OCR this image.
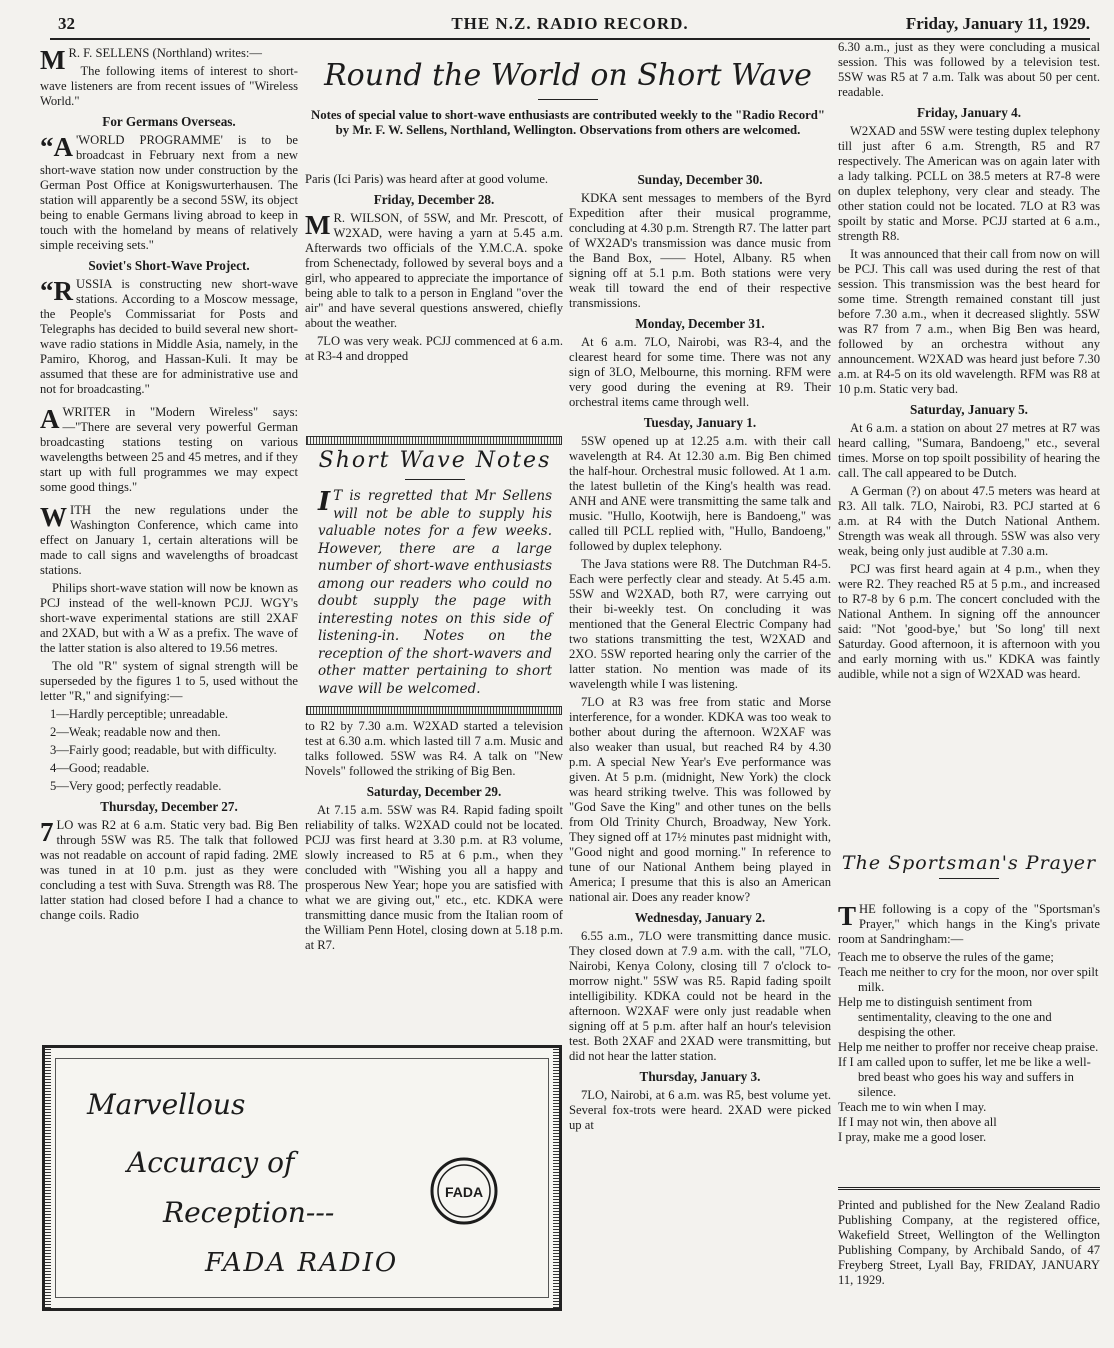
32	THE N.Z. RADIO RECORD.	Friday, January 11, 1929.

M R. F. SELLENS (Northland) writes:—

The following items of interest to short-wave listeners are from recent issues of "Wireless World."

For Germans Overseas.

“A 'WORLD PROGRAMME' is to be broadcast in February next from a new short-wave station now under construction by the German Post Office at Konigswurterhausen. The station will apparently be a second 5SW, its object being to enable Germans living abroad to keep in touch with the homeland by means of relatively simple receiving sets."

Soviet's Short-Wave Project.

“RUSSIA is constructing new short-wave stations. According to a Moscow message, the People's Commissariat for Posts and Telegraphs has decided to build several new short-wave radio stations in Middle Asia, namely, in the Pamiro, Khorog, and Hassan-Kuli. It may be assumed that these are for administrative use and not for broadcasting."

AWRITER in "Modern Wireless" says:—"There are several very powerful German broadcasting stations testing on various wavelengths between 25 and 45 metres, and if they start up with full programmes we may expect some good things."

WITH the new regulations under the Washington Conference, which came into effect on January 1, certain alterations will be made to call signs and wavelengths of broadcast stations.

Philips short-wave station will now be known as PCJ instead of the well-known PCJJ. WGY's short-wave experimental stations are still 2XAF and 2XAD, but with a W as a prefix. The wave of the latter station is also altered to 19.56 metres.

The old "R" system of signal strength will be superseded by the figures 1 to 5, used without the letter "R," and signifying:—

1—Hardly perceptible; unreadable.

2—Weak; readable now and then.

3—Fairly good; readable, but with difficulty.

4—Good; readable.

5—Very good; perfectly readable.

Thursday, December 27.

7 LO was R2 at 6 a.m. Static very bad. Big Ben through 5SW was R5. The talk that followed was not readable on account of rapid fading. 2ME was tuned in at 10 p.m. just as they were concluding a test with Suva. Strength was R8. The latter station had closed before I had a chance to change coils. Radio

Round the World on Short Wave
Notes of special value to short-wave enthusiasts are contributed weekly to the "Radio Record" by Mr. F. W. Sellens, Northland, Wellington. Observations from others are welcomed.

Paris (Ici Paris) was heard after at good volume.

Friday, December 28.

M R. WILSON, of 5SW, and Mr. Prescott, of W2XAD, were having a yarn at 5.45 a.m. Afterwards two officials of the Y.M.C.A. spoke from Schenectady, followed by several boys and a girl, who appeared to appreciate the importance of being able to talk to a person in England "over the air" and have several questions answered, chiefly about the weather.

7LO was very weak. PCJJ commenced at 6 a.m. at R3-4 and dropped

Short Wave Notes

I T is regretted that Mr Sellens will not be able to supply his valuable notes for a few weeks. However, there are a large number of short-wave enthusiasts among our readers who could no doubt supply the page with interesting notes on this side of listening-in. Notes on the reception of the short-wavers and other matter pertaining to short wave will be welcomed.

to R2 by 7.30 a.m. W2XAD started a television test at 6.30 a.m. which lasted till 7 a.m. Music and talks followed. 5SW was R4. A talk on "New Novels" followed the striking of Big Ben.

Saturday, December 29.

At 7.15 a.m. 5SW was R4. Rapid fading spoilt reliability of talks. W2XAD could not be located. PCJJ was first heard at 3.30 p.m. at R3 volume, slowly increased to R5 at 6 p.m., when they concluded with "Wishing you all a happy and prosperous New Year; hope you are satisfied with what we are giving out," etc., etc. KDKA were transmitting dance music from the Italian room of the William Penn Hotel, closing down at 5.18 p.m. at R7.

Sunday, December 30.

KDKA sent messages to members of the Byrd Expedition after their musical programme, concluding at 4.30 p.m. Strength R7. The latter part of WX2AD's transmission was dance music from the Band Box, —— Hotel, Albany. R5 when signing off at 5.1 p.m. Both stations were very weak till toward the end of their respective transmissions.

Monday, December 31.

At 6 a.m. 7LO, Nairobi, was R3-4, and the clearest heard for some time. There was not any sign of 3LO, Melbourne, this morning. RFM were very good during the evening at R9. Their orchestral items came through well.

Tuesday, January 1.

5SW opened up at 12.25 a.m. with their call wavelength at R4. At 12.30 a.m. Big Ben chimed the half-hour. Orchestral music followed. At 1 a.m. the latest bulletin of the King's health was read. ANH and ANE were transmitting the same talk and music. "Hullo, Kootwijh, here is Bandoeng," was called till PCLL replied with, "Hullo, Bandoeng," followed by duplex telephony.

The Java stations were R8. The Dutchman R4-5. Each were perfectly clear and steady. At 5.45 a.m. 5SW and W2XAD, both R7, were carrying out their bi-weekly test. On concluding it was mentioned that the General Electric Company had two stations transmitting the test, W2XAD and 2XO. 5SW reported hearing only the carrier of the latter station. No mention was made of its wavelength while I was listening.

7LO at R3 was free from static and Morse interference, for a wonder. KDKA was too weak to bother about during the afternoon. W2XAF was also weaker than usual, but reached R4 by 4.30 p.m. A special New Year's Eve performance was given. At 5 p.m. (midnight, New York) the clock was heard striking twelve. This was followed by "God Save the King" and other tunes on the bells from Old Trinity Church, Broadway, New York. They signed off at 17½ minutes past midnight with, "Good night and good morning." In reference to tune of our National Anthem being played in America; I presume that this is also an American national air. Does any reader know?

Wednesday, January 2.

6.55 a.m., 7LO were transmitting dance music. They closed down at 7.9 a.m. with the call, "7LO, Nairobi, Kenya Colony, closing till 7 o'clock to-morrow night." 5SW was R5. Rapid fading spoilt intelligibility. KDKA could not be heard in the afternoon. W2XAF were only just readable when signing off at 5 p.m. after half an hour's television test. Both 2XAF and 2XAD were transmitting, but did not hear the latter station.

Thursday, January 3.

7LO, Nairobi, at 6 a.m. was R5, best volume yet. Several fox-trots were heard. 2XAD were picked up at

6.30 a.m., just as they were concluding a musical session. This was followed by a television test. 5SW was R5 at 7 a.m. Talk was about 50 per cent. readable.

Friday, January 4.

W2XAD and 5SW were testing duplex telephony till just after 6 a.m. Strength, R5 and R7 respectively. The American was on again later with a lady talking. PCLL on 38.5 meters at R7-8 were on duplex telephony, very clear and steady. The other station could not be located. 7LO at R3 was spoilt by static and Morse. PCJJ started at 6 a.m., strength R8.

It was announced that their call from now on will be PCJ. This call was used during the rest of that session. This transmission was the best heard for some time. Strength remained constant till just before 7.30 a.m., when it decreased slightly. 5SW was R7 from 7 a.m., when Big Ben was heard, followed by an orchestra without any announcement. W2XAD was heard just before 7.30 a.m. at R4-5 on its old wavelength. RFM was R8 at 10 p.m. Static very bad.

Saturday, January 5.

At 6 a.m. a station on about 27 metres at R7 was heard calling, "Sumara, Bandoeng," etc., several times. Morse on top spoilt possibility of hearing the call. The call appeared to be Dutch.

A German (?) on about 47.5 meters was heard at R3. All talk. 7LO, Nairobi, R3. PCJ started at 6 a.m. at R4 with the Dutch National Anthem. Strength was weak all through. 5SW was also very weak, being only just audible at 7.30 a.m.

PCJ was first heard again at 4 p.m., when they were R2. They reached R5 at 5 p.m., and increased to R7-8 by 6 p.m. The concert concluded with the National Anthem. In signing off the announcer said: "Not 'good-bye,' but 'So long' till next Saturday. Good afternoon, it is afternoon with you and early morning with us." KDKA was faintly audible, while not a sign of W2XAD was heard.

The Sportsman's Prayer

THE following is a copy of the "Sportsman's Prayer," which hangs in the King's private room at Sandringham:—

Teach me to observe the rules of the game;

Teach me neither to cry for the moon, nor over spilt milk.

Help me to distinguish sentiment from sentimentality, cleaving to the one and despising the other.

Help me neither to proffer nor receive cheap praise.

If I am called upon to suffer, let me be like a well-bred beast who goes his way and suffers in silence.

Teach me to win when I may.

If I may not win, then above all

I pray, make me a good loser.

Printed and published for the New Zealand Radio Publishing Company, at the registered office, Wakefield Street, Wellington of the Wellington Publishing Company, by Archibald Sando, of 47 Freyberg Street, Lyall Bay, FRIDAY, JANUARY 11, 1929.
Marvellous
Accuracy of
Reception---
FADA RADIO
FADA
